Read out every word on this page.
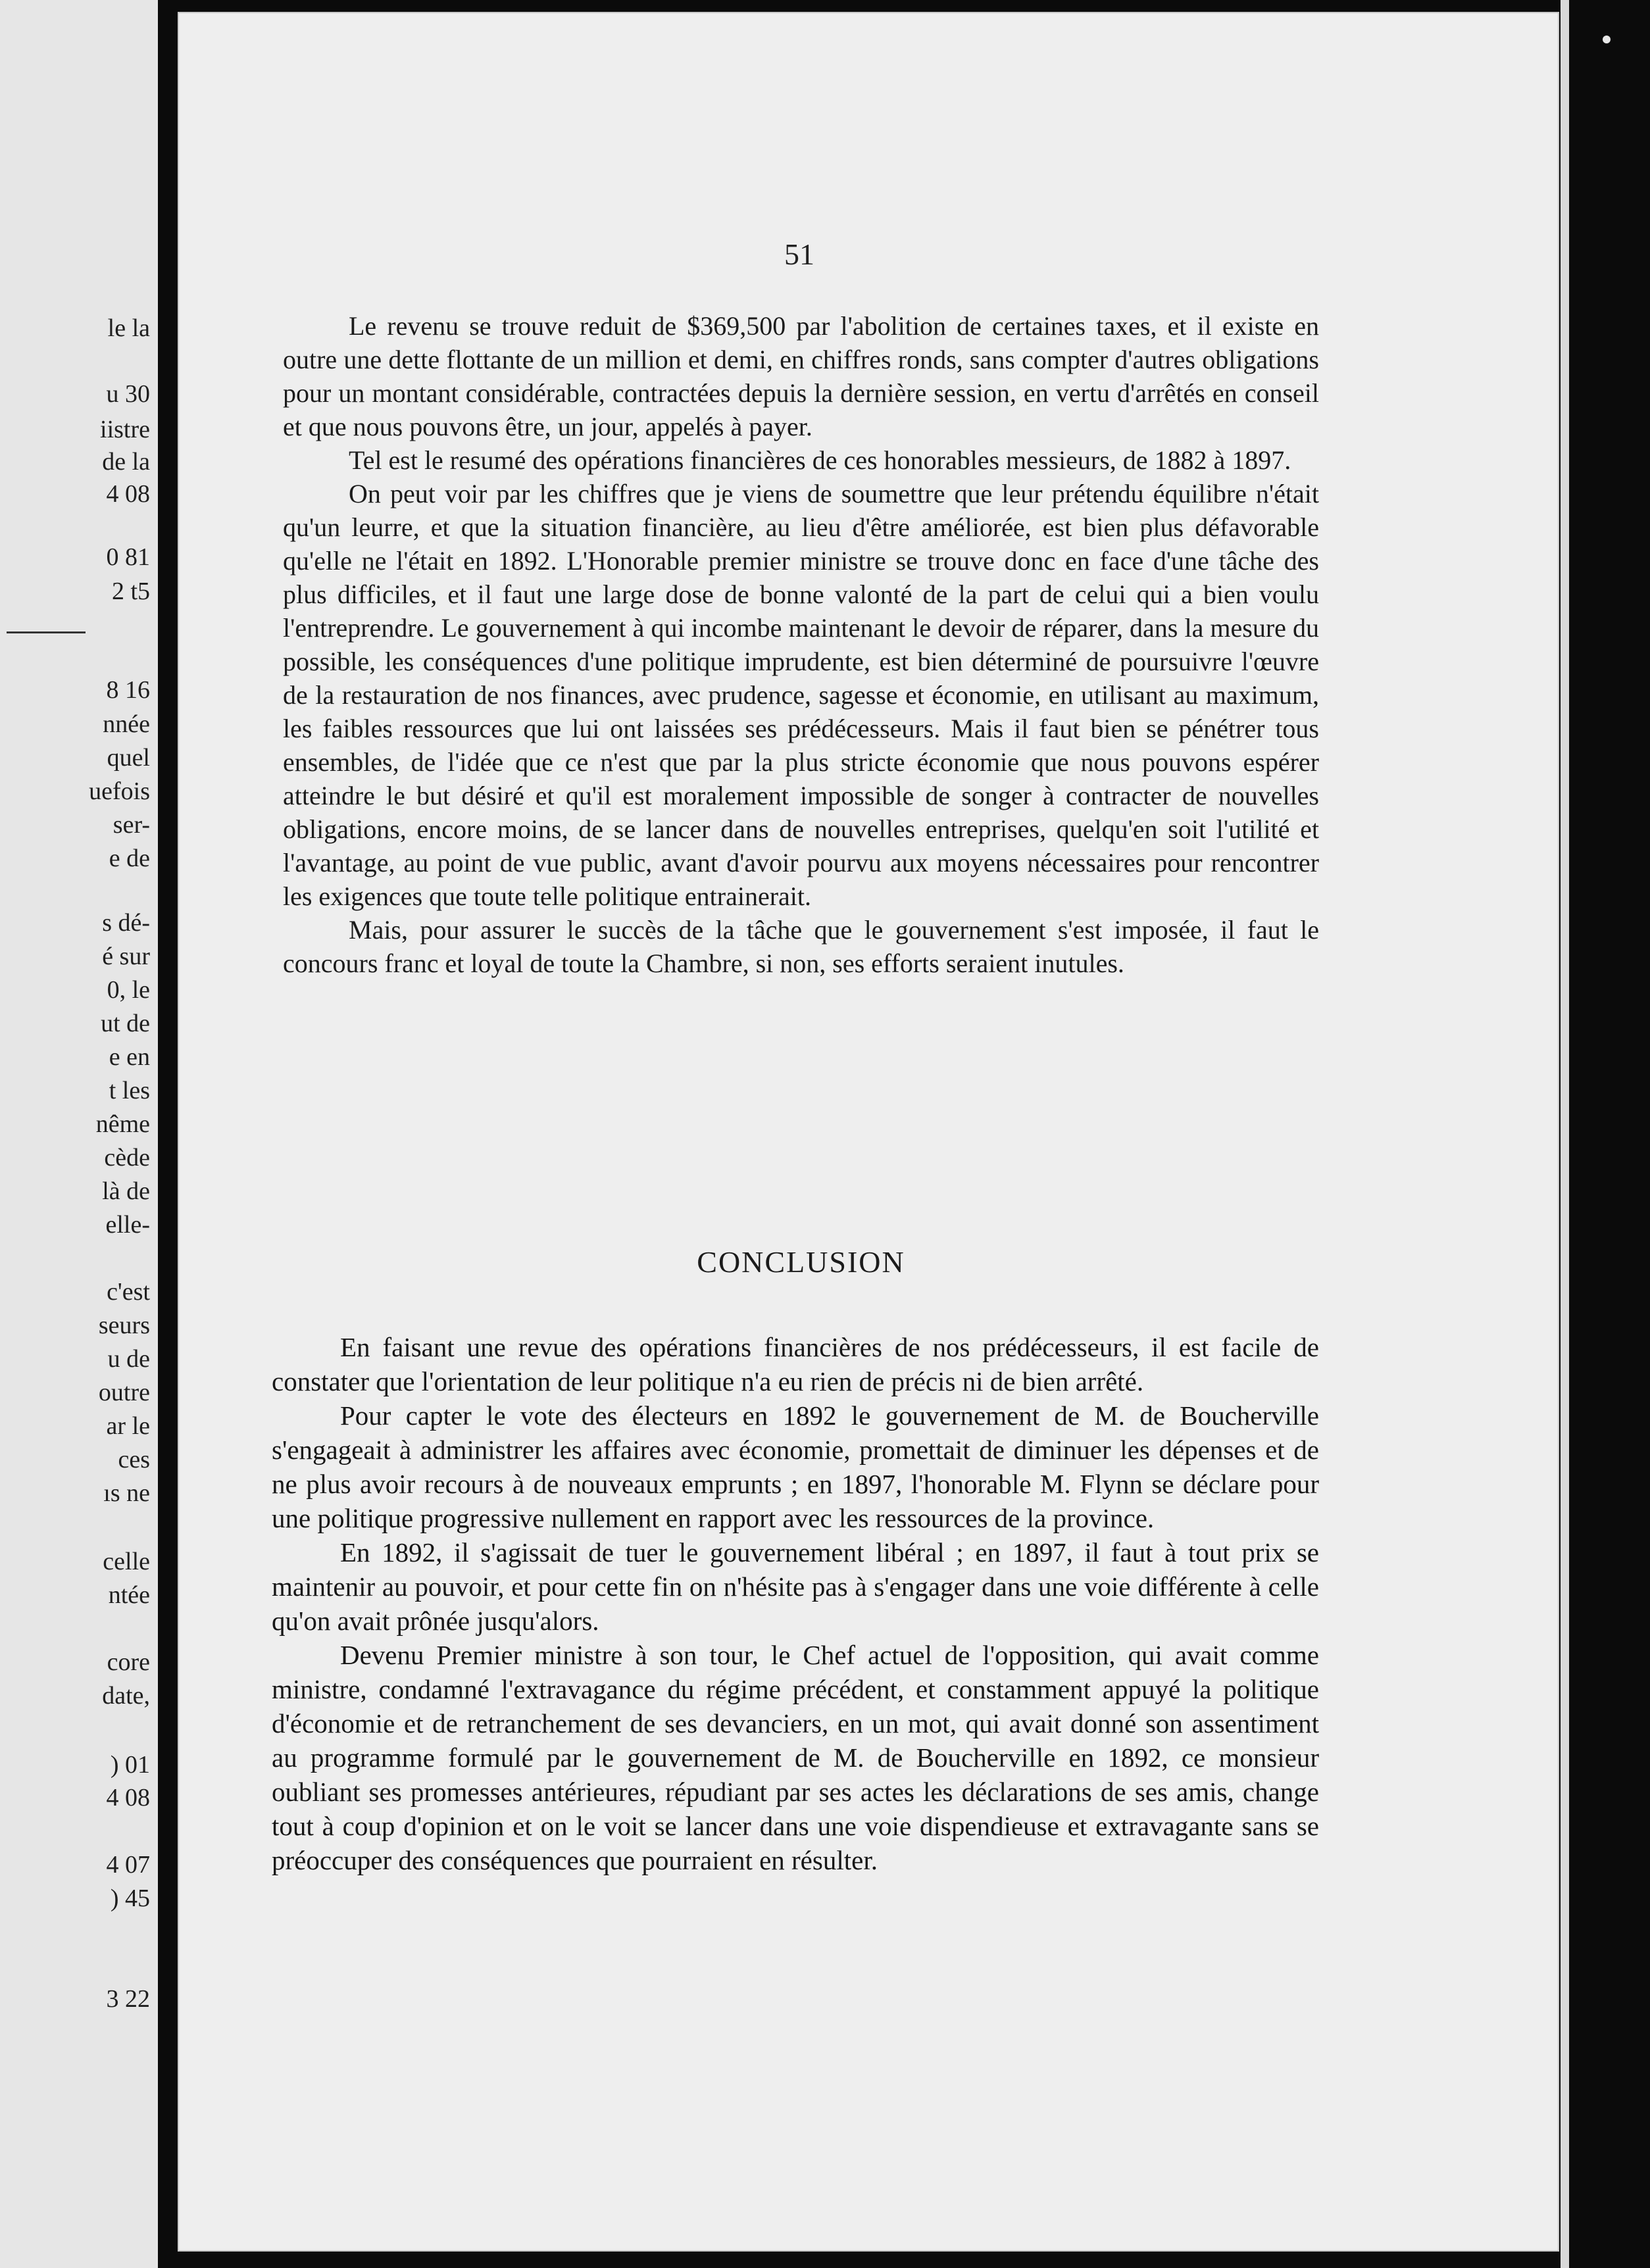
le la
u 30
iistre
de la
4 08
0 81
2 t5
8 16
nnée
quel
uefois
ser-
e de
s dé-
é sur
0, le
ut de
e en
t les
nême
cède
là de
elle-
c'est
seurs
u de
outre
ar le
ces
ıs ne
celle
ntée
core
date,
) 01
4 08
4 07
) 45
3 22
51

Le revenu se trouve reduit de $369,500 par l'abolition de certaines taxes, et il existe en outre une dette flottante de un million et demi, en chiffres ronds, sans compter d'autres obligations pour un montant considérable, contractées depuis la dernière session, en vertu d'arrêtés en conseil et que nous pouvons être, un jour, appelés à payer.

Tel est le resumé des opérations financières de ces honorables messieurs, de 1882 à 1897.

On peut voir par les chiffres que je viens de soumettre que leur prétendu équilibre n'était qu'un leurre, et que la situation financière, au lieu d'être améliorée, est bien plus défavorable qu'elle ne l'était en 1892. L'Honorable premier ministre se trouve donc en face d'une tâche des plus difficiles, et il faut une large dose de bonne valonté de la part de celui qui a bien voulu l'entreprendre. Le gouvernement à qui incombe maintenant le devoir de réparer, dans la mesure du possible, les conséquences d'une politique imprudente, est bien déterminé de poursuivre l'œuvre de la restauration de nos finances, avec prudence, sagesse et économie, en utilisant au maximum, les faibles ressources que lui ont laissées ses prédécesseurs. Mais il faut bien se pénétrer tous ensembles, de l'idée que ce n'est que par la plus stricte économie que nous pouvons espérer atteindre le but désiré et qu'il est moralement impossible de songer à contracter de nouvelles obligations, encore moins, de se lancer dans de nouvelles entreprises, quelqu'en soit l'utilité et l'avantage, au point de vue public, avant d'avoir pourvu aux moyens nécessaires pour rencontrer les exigences que toute telle politique entrainerait.

Mais, pour assurer le succès de la tâche que le gouvernement s'est imposée, il faut le concours franc et loyal de toute la Chambre, si non, ses efforts seraient inutules.

CONCLUSION

En faisant une revue des opérations financières de nos prédécesseurs, il est facile de constater que l'orientation de leur politique n'a eu rien de précis ni de bien arrêté.

Pour capter le vote des électeurs en 1892 le gouvernement de M. de Boucherville s'engageait à administrer les affaires avec économie, promettait de diminuer les dépenses et de ne plus avoir recours à de nouveaux emprunts ; en 1897, l'honorable M. Flynn se déclare pour une politique progressive nullement en rapport avec les ressources de la province.

En 1892, il s'agissait de tuer le gouvernement libéral ; en 1897, il faut à tout prix se maintenir au pouvoir, et pour cette fin on n'hésite pas à s'engager dans une voie différente à celle qu'on avait prônée jusqu'alors.

Devenu Premier ministre à son tour, le Chef actuel de l'opposition, qui avait comme ministre, condamné l'extravagance du régime précédent, et constamment appuyé la politique d'économie et de retranchement de ses devanciers, en un mot, qui avait donné son assentiment au programme formulé par le gouvernement de M. de Boucherville en 1892, ce monsieur oubliant ses promesses antérieures, répudiant par ses actes les déclarations de ses amis, change tout à coup d'opinion et on le voit se lancer dans une voie dispendieuse et extravagante sans se préoccuper des conséquences que pourraient en résulter.
